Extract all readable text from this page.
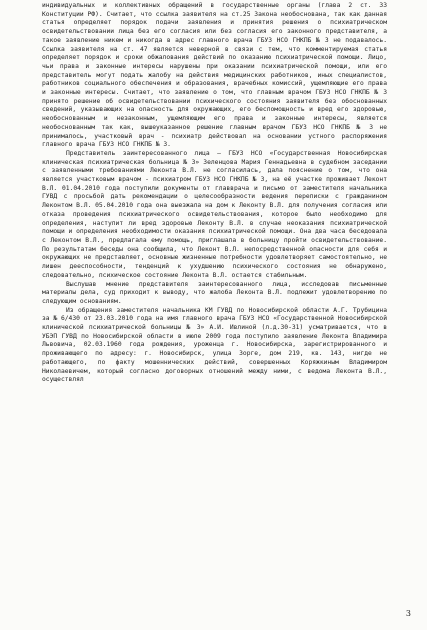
индивидуальных и коллективных обращений в государственные органы (глава 2 ст. 33 Конституции РФ). Считает, что ссылка заявителя на ст.25 Закона необоснована, так как данная статья определяет порядок подачи заявления и принятия решения о психиатрическом освидетельствовании лица без его согласия или без согласия его законного представителя, а такое заявление никем и никогда в адрес главного врача ГБУЗ НСО ГНКПБ № 3 не подавалось. Ссылка заявителя на ст. 47 является неверной в связи с тем, что комментируемая статья определяет порядок и сроки обжалования действий по оказанию психиатрической помощи. Лицо, чьи права и законные интересы нарушены при оказании психиатрической помощи, или его представитель могут подать жалобу на действия медицинских работников, иных специалистов, работников социального обеспечения и образования, врачебных комиссий, ущемляющие его права и законные интересы. Считает, что заявление о том, что главным врачом ГБУЗ НСО ГНКПБ № 3 принято решение об освидетельствовании психического состояния заявителя без обоснованных сведений, указывающих на опасность для окружающих, его беспомощность и вред его здоровью, необоснованным и незаконным, ущемляющим его права и законные интересы, является необоснованным так как, вышеуказанное решение главным врачом ГБУЗ НСО ГНКПБ № 3 не принималось, участковый врач - психиатр действовал на основании устного распоряжения главного врача ГБУЗ НСО ГНКПБ № 3.

Представитель заинтересованного лица – ГБУЗ НСО «Государственная Новосибирская клиническая психиатрическая больница № 3» Зеленцова Мария Геннадьевна в судебном заседании с заявленными требованиями Леконта В.Л. не согласилась, дала пояснение о том, что она является участковым врачом - психиатром ГБУЗ НСО ГНКПБ № 3, на её участке проживает Леконт В.Л. 01.04.2010 года поступили документы от главврача и письмо от заместителя начальника ГУВД с просьбой дать рекомендации о целесообразности ведения переписки с гражданином Леконтом В.Л. 05.04.2010 года она выезжала на дом к Леконту В.Л. для получения согласия или отказа проведения психиатрического освидетельствования, которое было необходимо для определения, наступит ли вред здоровью Леконту В.Л. в случае неоказания психиатрической помощи и определения необходимости оказания психиатрической помощи. Она два часа беседовала с Леконтом В.Л., предлагала ему помощь, приглашала в больницу пройти освидетельствование. По результатам беседы она сообщила, что Леконт В.Л. непосредственной опасности для себя и окружающих не представляет, основные жизненные потребности удовлетворяет самостоятельно, не лишен дееспособности, тенденций к ухудшению психического состояния не обнаружено, следовательно, психическое состояние Леконта В.Л. остается стабильным.

Выслушав мнение представителя заинтересованного лица, исследовав письменные материалы дела, суд приходит к выводу, что жалоба Леконта В.Л. подлежит удовлетворению по следующим основаниям.

Из обращения заместителя начальника КМ ГУВД по Новосибирской области А.Г. Трубицина за № 6/430 от 23.03.2010 года на имя главного врача ГБУЗ НСО «Государственной Новосибирской клинической психиатрической больницы № 3» А.И. Ивлиной (л.д.30-31) усматривается, что в УБЭП ГУВД по Новосибирской области в июле 2009 года поступило заявление Леконта Владимира Львовича, 02.03.1960 года рождения, уроженца г. Новосибирска, зарегистрированного и проживающего по адресу: г. Новосибирск, улица Зорге, дом 219, кв. 143, нигде не работающего, по факту мошеннических действий, совершенных Коряжкиным Владимиром Николаевичем, который согласно договорных отношений между ними, с ведома Леконта В.Л., осуществлял

3
